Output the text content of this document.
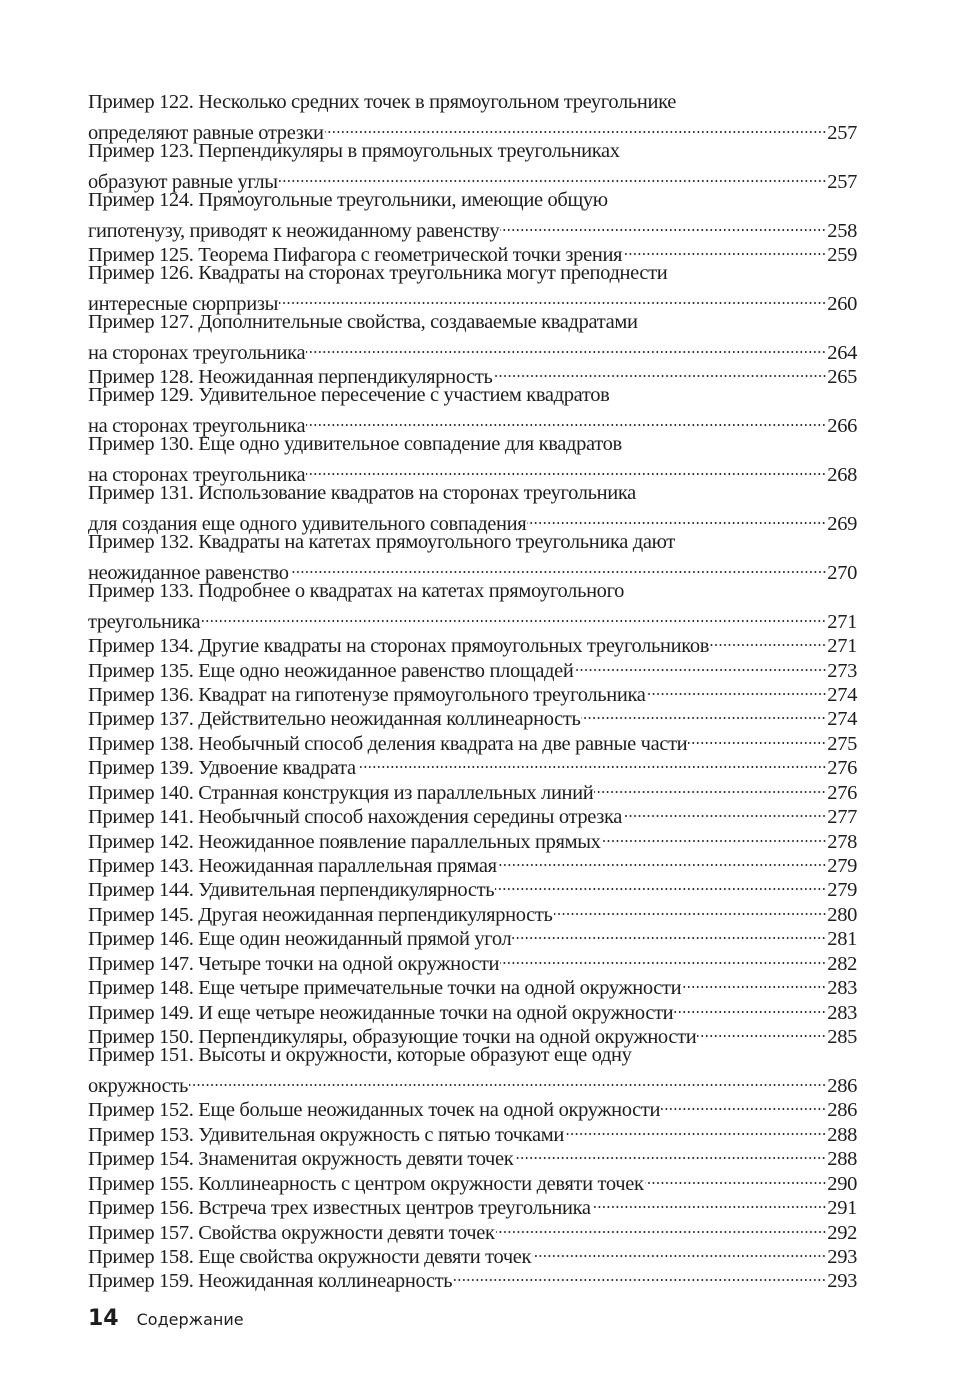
Пример 122. Несколько средних точек в прямоугольном треугольнике
определяют равные отрезки	257
Пример 123. Перпендикуляры в прямоугольных треугольниках
образуют равные углы	257
Пример 124. Прямоугольные треугольники, имеющие общую
гипотенузу, приводят к неожиданному равенству	258
Пример 125. Теорема Пифагора с геометрической точки зрения	259
Пример 126. Квадраты на сторонах треугольника могут преподнести
интересные сюрпризы	260
Пример 127. Дополнительные свойства, создаваемые квадратами
на сторонах треугольника	264
Пример 128. Неожиданная перпендикулярность	265
Пример 129. Удивительное пересечение с участием квадратов
на сторонах треугольника	266
Пример 130. Еще одно удивительное совпадение для квадратов
на сторонах треугольника	268
Пример 131. Использование квадратов на сторонах треугольника
для создания еще одного удивительного совпадения	269
Пример 132. Квадраты на катетах прямоугольного треугольника дают
неожиданное равенство	270
Пример 133. Подробнее о квадратах на катетах прямоугольного
треугольника	271
Пример 134. Другие квадраты на сторонах прямоугольных треугольников	271
Пример 135. Еще одно неожиданное равенство площадей	273
Пример 136. Квадрат на гипотенузе прямоугольного треугольника	274
Пример 137. Действительно неожиданная коллинеарность	274
Пример 138. Необычный способ деления квадрата на две равные части	275
Пример 139. Удвоение квадрата	276
Пример 140. Странная конструкция из параллельных линий	276
Пример 141. Необычный способ нахождения середины отрезка	277
Пример 142. Неожиданное появление параллельных прямых	278
Пример 143. Неожиданная параллельная прямая	279
Пример 144. Удивительная перпендикулярность	279
Пример 145. Другая неожиданная перпендикулярность	280
Пример 146. Еще один неожиданный прямой угол	281
Пример 147. Четыре точки на одной окружности	282
Пример 148. Еще четыре примечательные точки на одной окружности	283
Пример 149. И еще четыре неожиданные точки на одной окружности	283
Пример 150. Перпендикуляры, образующие точки на одной окружности	285
Пример 151. Высоты и окружности, которые образуют еще одну
окружность	286
Пример 152. Еще больше неожиданных точек на одной окружности	286
Пример 153. Удивительная окружность с пятью точками	288
Пример 154. Знаменитая окружность девяти точек	288
Пример 155. Коллинеарность с центром окружности девяти точек	290
Пример 156. Встреча трех известных центров треугольника	291
Пример 157. Свойства окружности девяти точек	292
Пример 158. Еще свойства окружности девяти точек	293
Пример 159. Неожиданная коллинеарность	293
14 Содержание
